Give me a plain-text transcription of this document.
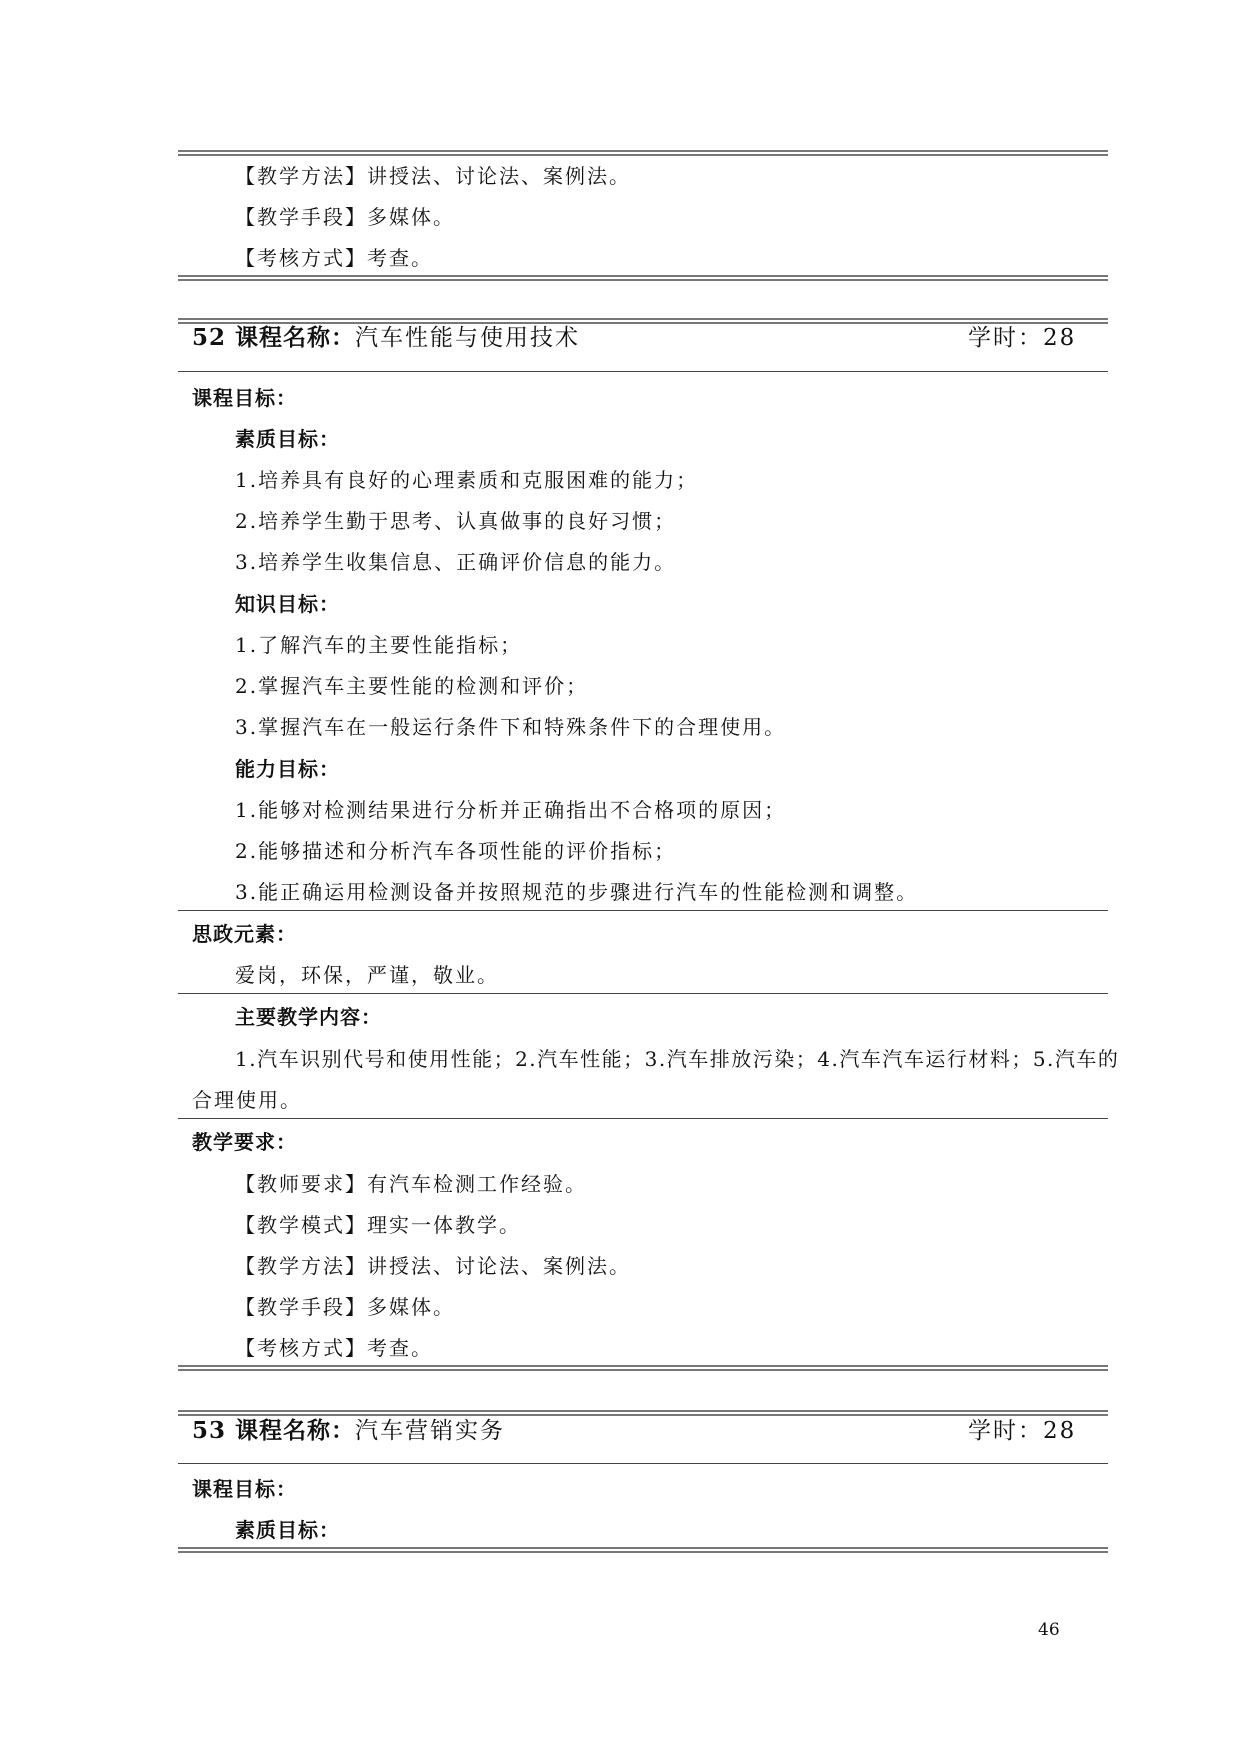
【教学方法】讲授法、讨论法、案例法。
【教学手段】多媒体。
【考核方式】考查。
52 课程名称：汽车性能与使用技术	学时：28
课程目标：
素质目标：
1.培养具有良好的心理素质和克服困难的能力；
2.培养学生勤于思考、认真做事的良好习惯；
3.培养学生收集信息、正确评价信息的能力。
知识目标：
1.了解汽车的主要性能指标；
2.掌握汽车主要性能的检测和评价；
3.掌握汽车在一般运行条件下和特殊条件下的合理使用。
能力目标：
1.能够对检测结果进行分析并正确指出不合格项的原因；
2.能够描述和分析汽车各项性能的评价指标；
3.能正确运用检测设备并按照规范的步骤进行汽车的性能检测和调整。
思政元素：
爱岗，环保，严谨，敬业。
主要教学内容：
1.汽车识别代号和使用性能；2.汽车性能；3.汽车排放污染；4.汽车汽车运行材料；5.汽车的
合理使用。
教学要求：
【教师要求】有汽车检测工作经验。
【教学模式】理实一体教学。
【教学方法】讲授法、讨论法、案例法。
【教学手段】多媒体。
【考核方式】考查。
53 课程名称：汽车营销实务	学时：28
课程目标：
素质目标：
46
